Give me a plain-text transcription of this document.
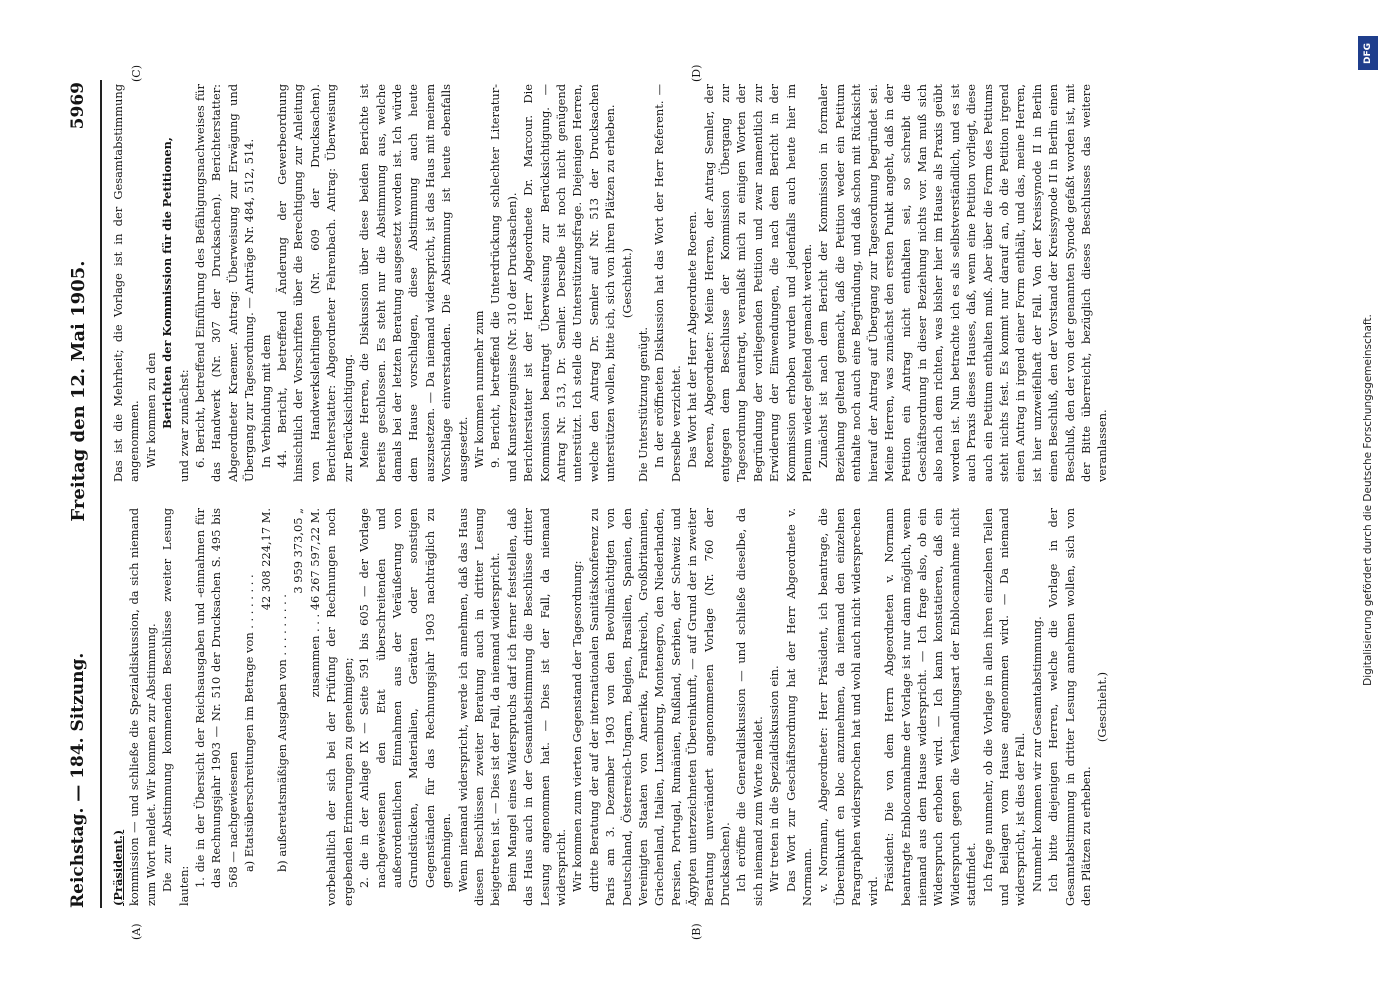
Reichstag. — 184. Sitzung.
Freitag den 12. Mai 1905.
5969
(A)	(B)
(C)	(D)

(Präsident.) kommission — und schließe die Spezialdiskussion, da sich niemand zum Wort meldet. Wir kommen zur Abstimmung. Die zur Abstimmung kommenden Beschlüsse zweiter Lesung lauten: 1. die in der Übersicht der Reichsausgaben und -einnahmen für das Rechnungsjahr 1903 — Nr. 510 der Drucksachen S. 495 bis 568 — nachgewiesenen a) Etatsüberschreitungen im Betrage von . . . . . . . .

42 308 224,17 M.

b) außeretatsmäßigen Ausgaben von . . . . . . . . .

3 959 373,05 „ zusammen . . . 46 267 597,22 M. vorbehaltlich der sich bei der Prüfung der Rechnungen noch ergebenden Erinnerungen zu genehmigen; 2. die in der Anlage IX — Seite 591 bis 605 — der Vorlage nachgewiesenen den Etat überschreitenden und außerordentlichen Einnahmen aus der Veräußerung von Grundstücken, Materialien, Geräten oder sonstigen Gegenständen für das Rechnungsjahr 1903 nachträglich zu genehmigen. Wenn niemand widerspricht, werde ich annehmen, daß das Haus diesen Beschlüssen zweiter Beratung auch in dritter Lesung beigetreten ist. — Dies ist der Fall, da niemand widerspricht. Beim Mangel eines Widerspruchs darf ich ferner feststellen, daß das Haus auch in der Gesamtabstimmung die Beschlüsse dritter Lesung angenommen hat. — Dies ist der Fall, da niemand widerspricht. Wir kommen zum vierten Gegenstand der Tagesordnung: dritte Beratung der auf der internationalen Sanitätskonferenz zu Paris am 3. Dezember 1903 von den Bevollmächtigten von Deutschland, Österreich-Ungarn, Belgien, Brasilien, Spanien, den Vereinigten Staaten von Amerika, Frankreich, Großbritannien, Griechenland, Italien, Luxemburg, Montenegro, den Niederlanden, Persien, Portugal, Rumänien, Rußland, Serbien, der Schweiz und Ägypten unterzeichneten Übereinkunft, — auf Grund der in zweiter Beratung unverändert angenommenen Vorlage (Nr. 760 der Drucksachen). Ich eröffne die Generaldiskussion — und schließe dieselbe, da sich niemand zum Worte meldet. Wir treten in die Spezialdiskussion ein. Das Wort zur Geschäftsordnung hat der Herr Abgeordnete v. Normann. v. Normann, Abgeordneter: Herr Präsident, ich beantrage, die Übereinkunft en bloc anzunehmen, da niemand den einzelnen Paragraphen widersprochen hat und wohl auch nicht widersprechen wird. Präsident: Die von dem Herrn Abgeordneten v. Normann beantragte Enblocannahme der Vorlage ist nur dann möglich, wenn niemand aus dem Hause widerspricht. — Ich frage also, ob ein Widerspruch erhoben wird. — Ich kann konstatieren, daß ein Widerspruch gegen die Verhandlungsart der Enblocannahme nicht stattfindet. Ich frage nunmehr, ob die Vorlage in allen ihren einzelnen Teilen und Beilagen vom Hause angenommen wird. — Da niemand widerspricht, ist dies der Fall. Nunmehr kommen wir zur Gesamtabstimmung. Ich bitte diejenigen Herren, welche die Vorlage in der Gesamtabstimmung in dritter Lesung annehmen wollen, sich von den Plätzen zu erheben.

(Geschieht.)

Das ist die Mehrheit; die Vorlage ist in der Gesamtabstimmung angenommen. Wir kommen zu den Berichten der Kommission für die Petitionen, und zwar zunächst: 6. Bericht, betreffend Einführung des Befähigungsnachweises für das Handwerk (Nr. 307 der Drucksachen). Berichterstatter: Abgeordneter Kraemer. Antrag: Überweisung zur Erwägung und Übergang zur Tagesordnung. — Anträge Nr. 484, 512, 514. In Verbindung mit dem 44. Bericht, betreffend Änderung der Gewerbeordnung hinsichtlich der Vorschriften über die Berechtigung zur Anleitung von Handwerkslehrlingen (Nr. 609 der Drucksachen). Berichterstatter: Abgeordneter Fehrenbach. Antrag: Überweisung zur Berücksichtigung. Meine Herren, die Diskussion über diese beiden Berichte ist bereits geschlossen. Es steht nur die Abstimmung aus, welche damals bei der letzten Beratung ausgesetzt worden ist. Ich würde dem Hause vorschlagen, diese Abstimmung auch heute auszusetzen. — Da niemand widerspricht, ist das Haus mit meinem Vorschlage einverstanden. Die Abstimmung ist heute ebenfalls ausgesetzt. Wir kommen nunmehr zum 9. Bericht, betreffend die Unterdrückung schlechter Literatur- und Kunsterzeugnisse (Nr. 310 der Drucksachen). Berichterstatter ist der Herr Abgeordnete Dr. Marcour. Die Kommission beantragt Überweisung zur Berücksichtigung. — Antrag Nr. 513, Dr. Semler. Derselbe ist noch nicht genügend unterstützt. Ich stelle die Unterstützungsfrage. Diejenigen Herren, welche den Antrag Dr. Semler auf Nr. 513 der Drucksachen unterstützen wollen, bitte ich, sich von ihren Plätzen zu erheben. (Geschieht.)

Die Unterstützung genügt. In der eröffneten Diskussion hat das Wort der Herr Referent. — Derselbe verzichtet. Das Wort hat der Herr Abgeordnete Roeren. Roeren, Abgeordneter: Meine Herren, der Antrag Semler, der entgegen dem Beschlusse der Kommission Übergang zur Tagesordnung beantragt, veranlaßt mich zu einigen Worten der Begründung der vorliegenden Petition und zwar namentlich zur Erwiderung der Einwendungen, die nach dem Bericht in der Kommission erhoben wurden und jedenfalls auch heute hier im Plenum wieder geltend gemacht werden. Zunächst ist nach dem Bericht der Kommission in formaler Beziehung geltend gemacht, daß die Petition weder ein Petitum enthalte noch auch eine Begründung, und daß schon mit Rücksicht hierauf der Antrag auf Übergang zur Tagesordnung begründet sei. Meine Herren, was zunächst den ersten Punkt angeht, daß in der Petition ein Antrag nicht enthalten sei, so schreibt die Geschäftsordnung in dieser Beziehung nichts vor. Man muß sich also nach dem richten, was bisher hier im Hause als Praxis geübt worden ist. Nun betrachte ich es als selbstverständlich, und es ist auch Praxis dieses Hauses, daß, wenn eine Petition vorliegt, diese auch ein Petitum enthalten muß. Aber über die Form des Petitums steht nichts fest. Es kommt nur darauf an, ob die Petition irgend einen Antrag in irgend einer Form enthält, und das, meine Herren, ist hier unzweifelhaft der Fall. Von der Kreissynode II in Berlin einen Beschluß, den der Vorstand der Kreissynode II in Berlin einen Beschluß, den der von der genannten Synode gefaßt worden ist, mit der Bitte überreicht, bezüglich dieses Beschlusses das weitere veranlassen.

DFG
Digitalisierung gefördert durch die Deutsche Forschungsgemeinschaft.
